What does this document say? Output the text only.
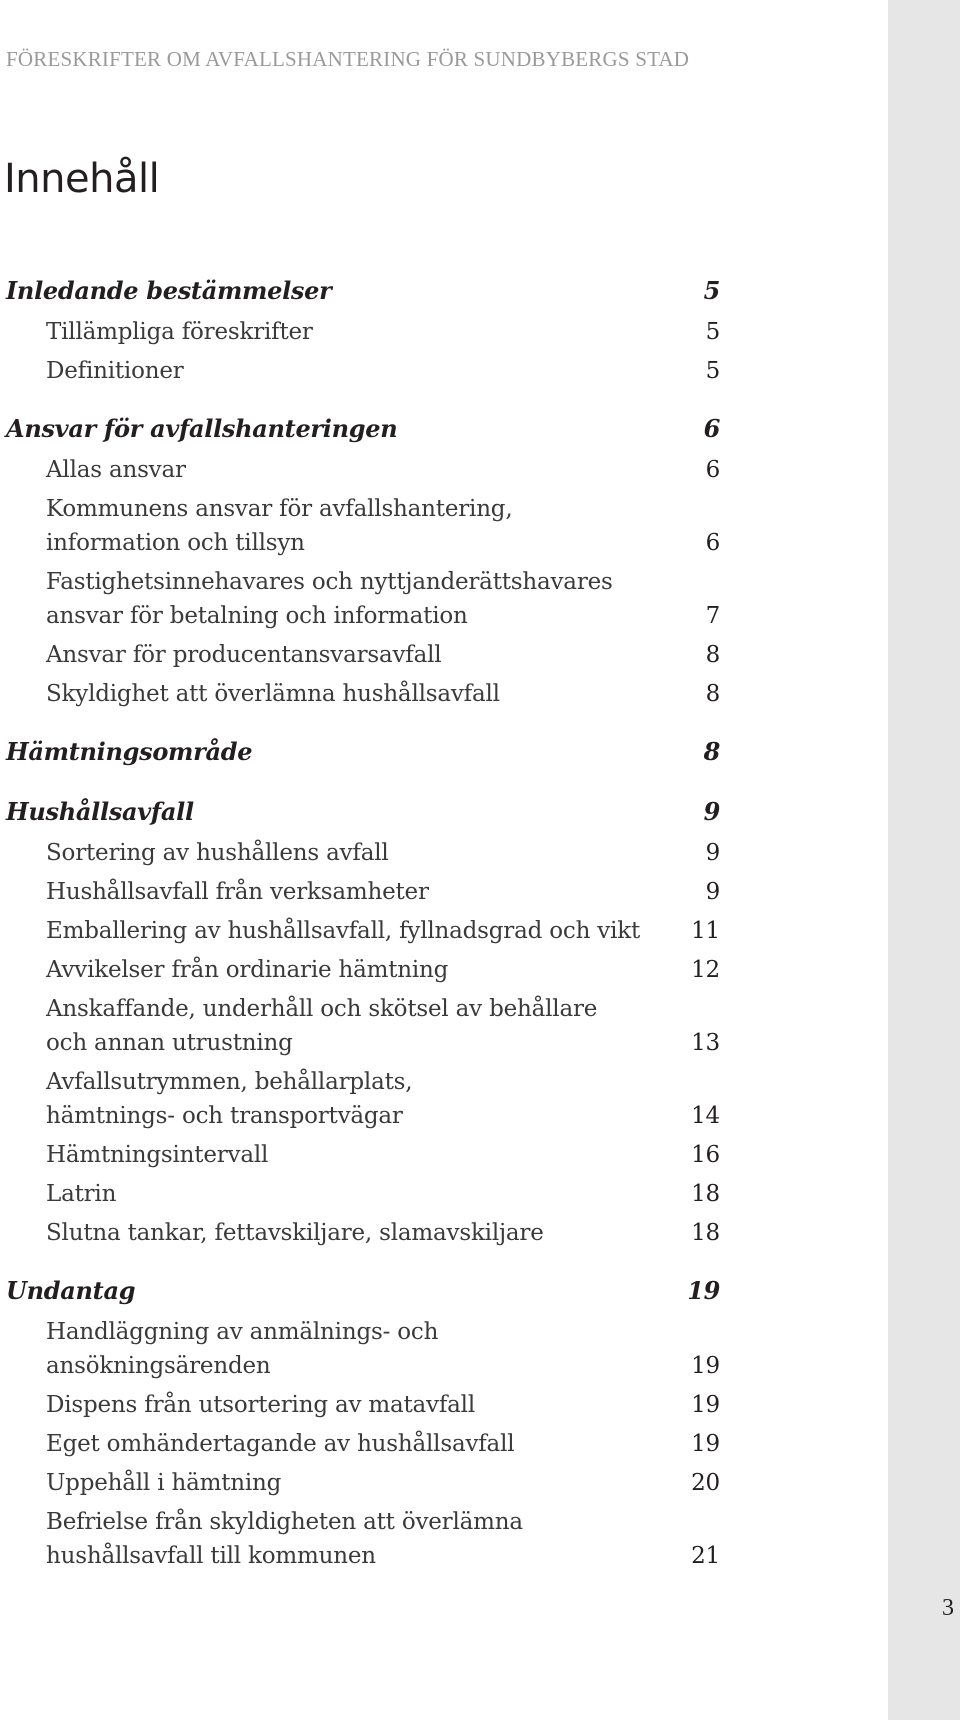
FÖRESKRIFTER OM AVFALLSHANTERING FÖR SUNDBYBERGS STAD
Innehåll
Inledande bestämmelser	5
Tillämpliga föreskrifter	5
Definitioner	5
Ansvar för avfallshanteringen	6
Allas ansvar	6
Kommunens ansvar för avfallshantering,
information och tillsyn	6
Fastighetsinnehavares och nyttjanderättshavares
ansvar för betalning och information	7
Ansvar för producentansvarsavfall	8
Skyldighet att överlämna hushållsavfall	8
Hämtningsområde	8
Hushållsavfall	9
Sortering av hushållens avfall	9
Hushållsavfall från verksamheter	9
Emballering av hushållsavfall, fyllnadsgrad och vikt	11
Avvikelser från ordinarie hämtning	12
Anskaffande, underhåll och skötsel av behållare
och annan utrustning	13
Avfallsutrymmen, behållarplats,
hämtnings- och transportvägar	14
Hämtningsintervall	16
Latrin	18
Slutna tankar, fettavskiljare, slamavskiljare	18
Undantag	19
Handläggning av anmälnings- och
ansökningsärenden	19
Dispens från utsortering av matavfall	19
Eget omhändertagande av hushållsavfall	19
Uppehåll i hämtning	20
Befrielse från skyldigheten att överlämna
hushållsavfall till kommunen	21
3
